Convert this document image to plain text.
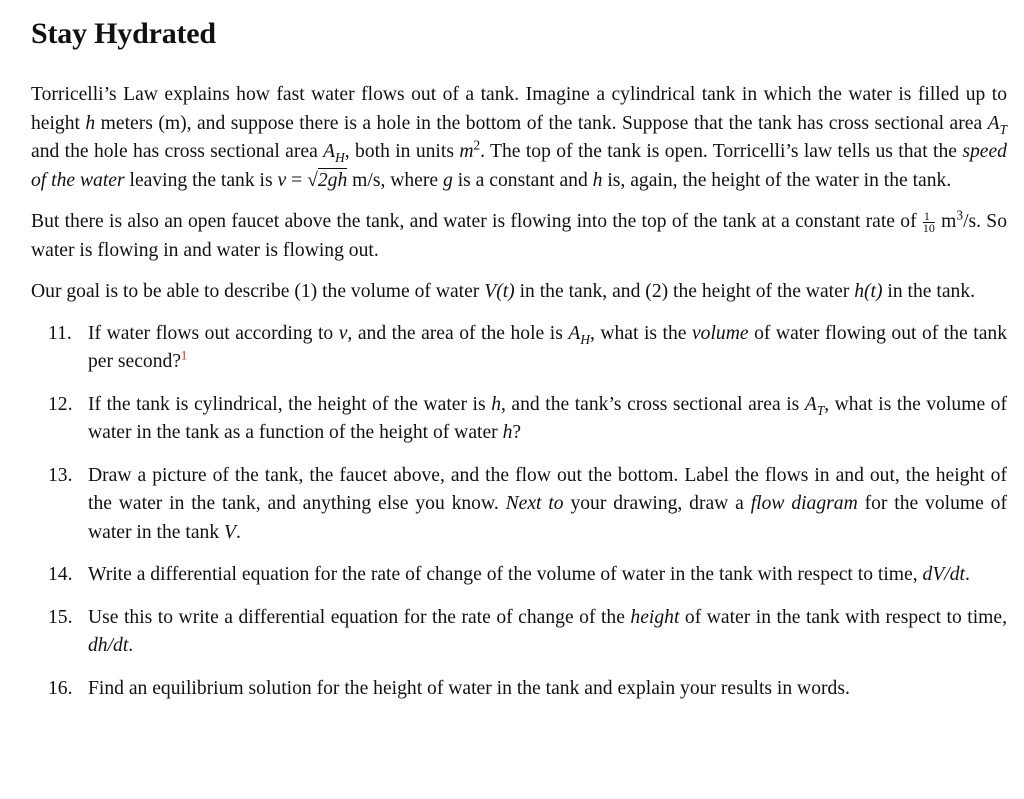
Stay Hydrated

Torricelli’s Law explains how fast water flows out of a tank. Imagine a cylindrical tank in which the water is filled up to height h meters (m), and suppose there is a hole in the bottom of the tank. Suppose that the tank has cross sectional area $A_T$ and the hole has cross sectional area $A_H$, both in units $m^2$. The top of the tank is open. Torricelli’s law tells us that the speed of the water leaving the tank is v = √2gh m/s, where g is a constant and h is, again, the height of the water in the tank.

But there is also an open faucet above the tank, and water is flowing into the top of the tank at a constant rate of $\frac{1}{10} m^3/s$. So water is flowing in and water is flowing out.

Our goal is to be able to describe (1) the volume of water V(t) in the tank, and (2) the height of the water h(t) in the tank.

11. If water flows out according to v, and the area of the hole is $A_H$, what is the volume of water flowing out of the tank per second?$^1$
12. If the tank is cylindrical, the height of the water is h, and the tank’s cross sectional area is $A_T$, what is the volume of water in the tank as a function of the height of water h?
13. Draw a picture of the tank, the faucet above, and the flow out the bottom. Label the flows in and out, the height of the water in the tank, and anything else you know. Next to your drawing, draw a flow diagram for the volume of water in the tank V.
14. Write a differential equation for the rate of change of the volume of water in the tank with respect to time, dV/dt.
15. Use this to write a differential equation for the rate of change of the height of water in the tank with respect to time, dh/dt.
16. Find an equilibrium solution for the height of water in the tank and explain your results in words.
